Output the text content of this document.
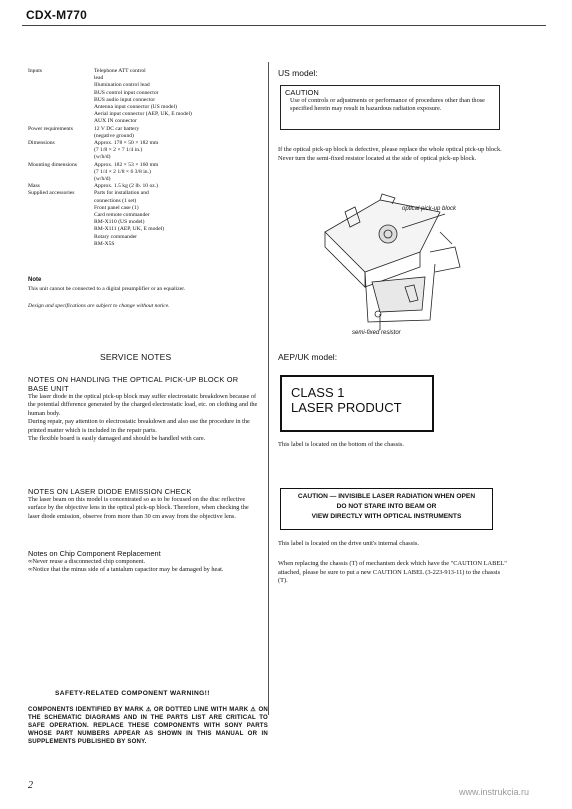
CDX-M770
Inputs	Telephone ATT control
	lead
	Illumination control lead
	BUS control input connector
	BUS audio input connector
	Antenna input connector (US model)
	Aerial input connector (AEP, UK, E model)
	AUX IN connector
Power requirements	12 V DC car battery
	(negative ground)
Dimensions	Approx. 178 × 50 × 182 mm
	(7 1/8 × 2 × 7 1/4 in.)
	(w/h/d)
Mounting dimensions	Approx. 182 × 53 × 160 mm
	(7 1/4 × 2 1/8 × 6 3/8 in.)
	(w/h/d)
Mass	Approx. 1.5 kg (2 lb. 10 oz.)
Supplied accessories	Parts for installation and
	connections (1 set)
	Front panel case (1)
	Card remote commander
	RM-X110 (US model)
	RM-X111 (AEP, UK, E model)
	Rotary commander
	RM-X5S
Note
This unit cannot be connected to a digital preamplifier or an equalizer.
Design and specifications are subject to change without notice.
SERVICE NOTES
NOTES ON HANDLING THE OPTICAL PICK-UP BLOCK OR BASE UNIT
The laser diode in the optical pick-up block may suffer electrostatic breakdown because of the potential difference generated by the charged electrostatic load, etc. on clothing and the human body.
During repair, pay attention to electrostatic breakdown and also use the procedure in the printed matter which is included in the repair parts.
The flexible board is easily damaged and should be handled with care.
NOTES ON LASER DIODE EMISSION CHECK
The laser beam on this model is concentrated so as to be focused on the disc reflective surface by the objective lens in the optical pick-up block. Therefore, when checking the laser diode emission, observe from more than 30 cm away from the objective lens.
Notes on Chip Component Replacement
∞Never reuse a disconnected chip component.
∞Notice that the minus side of a tantalum capacitor may be damaged by heat.
SAFETY-RELATED COMPONENT WARNING!!
COMPONENTS IDENTIFIED BY MARK ⚠ OR DOTTED LINE WITH MARK ⚠ ON THE SCHEMATIC DIAGRAMS AND IN THE PARTS LIST ARE CRITICAL TO SAFE OPERATION. REPLACE THESE COMPONENTS WITH SONY PARTS WHOSE PART NUMBERS APPEAR AS SHOWN IN THIS MANUAL OR IN SUPPLEMENTS PUBLISHED BY SONY.
US model:
CAUTION
Use of controls or adjustments or performance of procedures other than those specified herein may result in hazardous radiation exposure.
If the optical pick-up block is defective, please replace the whole optical pick-up block.
Never turn the semi-fixed resistor located at the side of optical pick-up block.
optical pick-up block
semi-fixed resistor
AEP/UK model:
CLASS 1
LASER PRODUCT
This label is located on the bottom of the chassis.
CAUTION — INVISIBLE LASER RADIATION WHEN OPEN
DO NOT STARE INTO BEAM OR
VIEW DIRECTLY WITH OPTICAL INSTRUMENTS
This label is located on the drive unit's internal chassis.
When replacing the chassis (T) of mechanism deck which have the "CAUTION LABEL" attached, please be sure to put a new CAUTION LABEL (3-223-913-11) to the chassis (T).
2
www.instrukcia.ru
